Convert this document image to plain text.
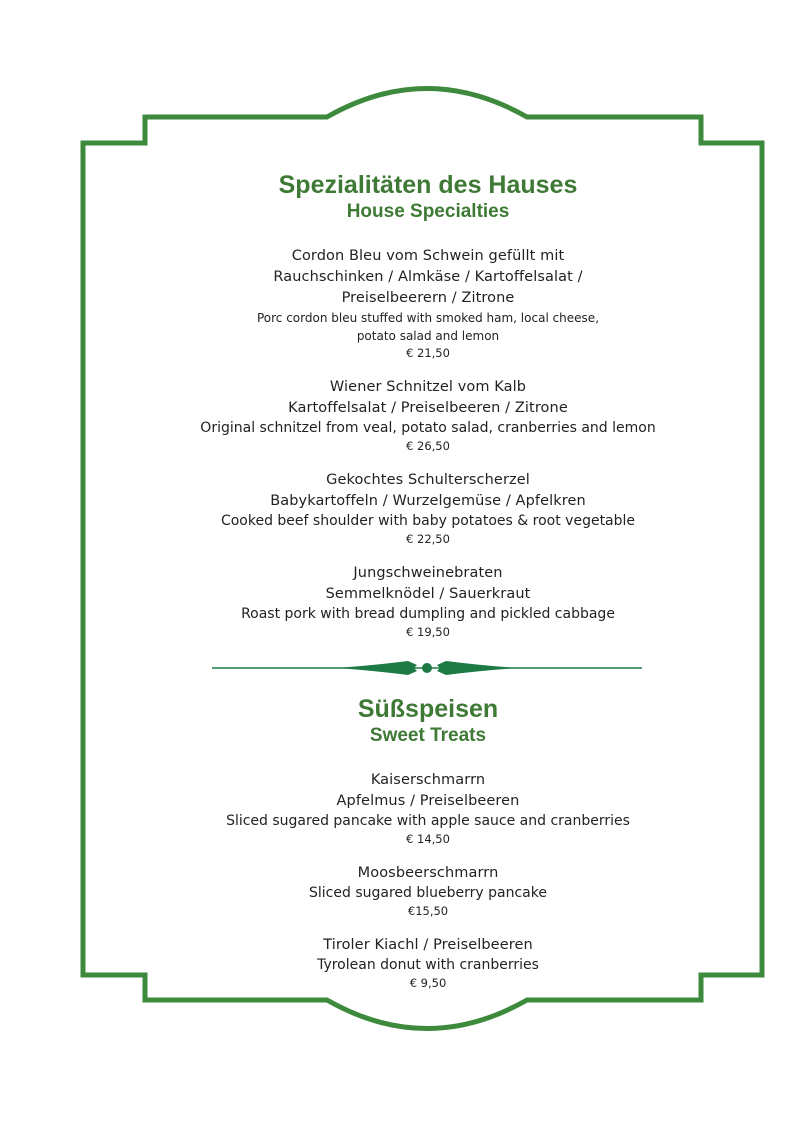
Spezialitäten des Hauses
House Specialties
Cordon Bleu vom Schwein gefüllt mit
Rauchschinken / Almkäse / Kartoffelsalat /
Preiselbeerern / Zitrone
Porc cordon bleu stuffed with smoked ham, local cheese,
potato salad and lemon
€ 21,50
Wiener Schnitzel vom Kalb
Kartoffelsalat / Preiselbeeren / Zitrone
Original schnitzel from veal, potato salad, cranberries and lemon
€ 26,50
Gekochtes Schulterscherzel
Babykartoffeln / Wurzelgemüse / Apfelkren
Cooked beef shoulder with baby potatoes & root vegetable
€ 22,50
Jungschweinebraten
Semmelknödel / Sauerkraut
Roast pork with bread dumpling and pickled cabbage
€ 19,50
Süßspeisen
Sweet Treats
Kaiserschmarrn
Apfelmus / Preiselbeeren
Sliced sugared pancake with apple sauce and cranberries
€ 14,50
Moosbeerschmarrn
Sliced sugared blueberry pancake
€15,50
Tiroler Kiachl / Preiselbeeren
Tyrolean donut with cranberries
€ 9,50
